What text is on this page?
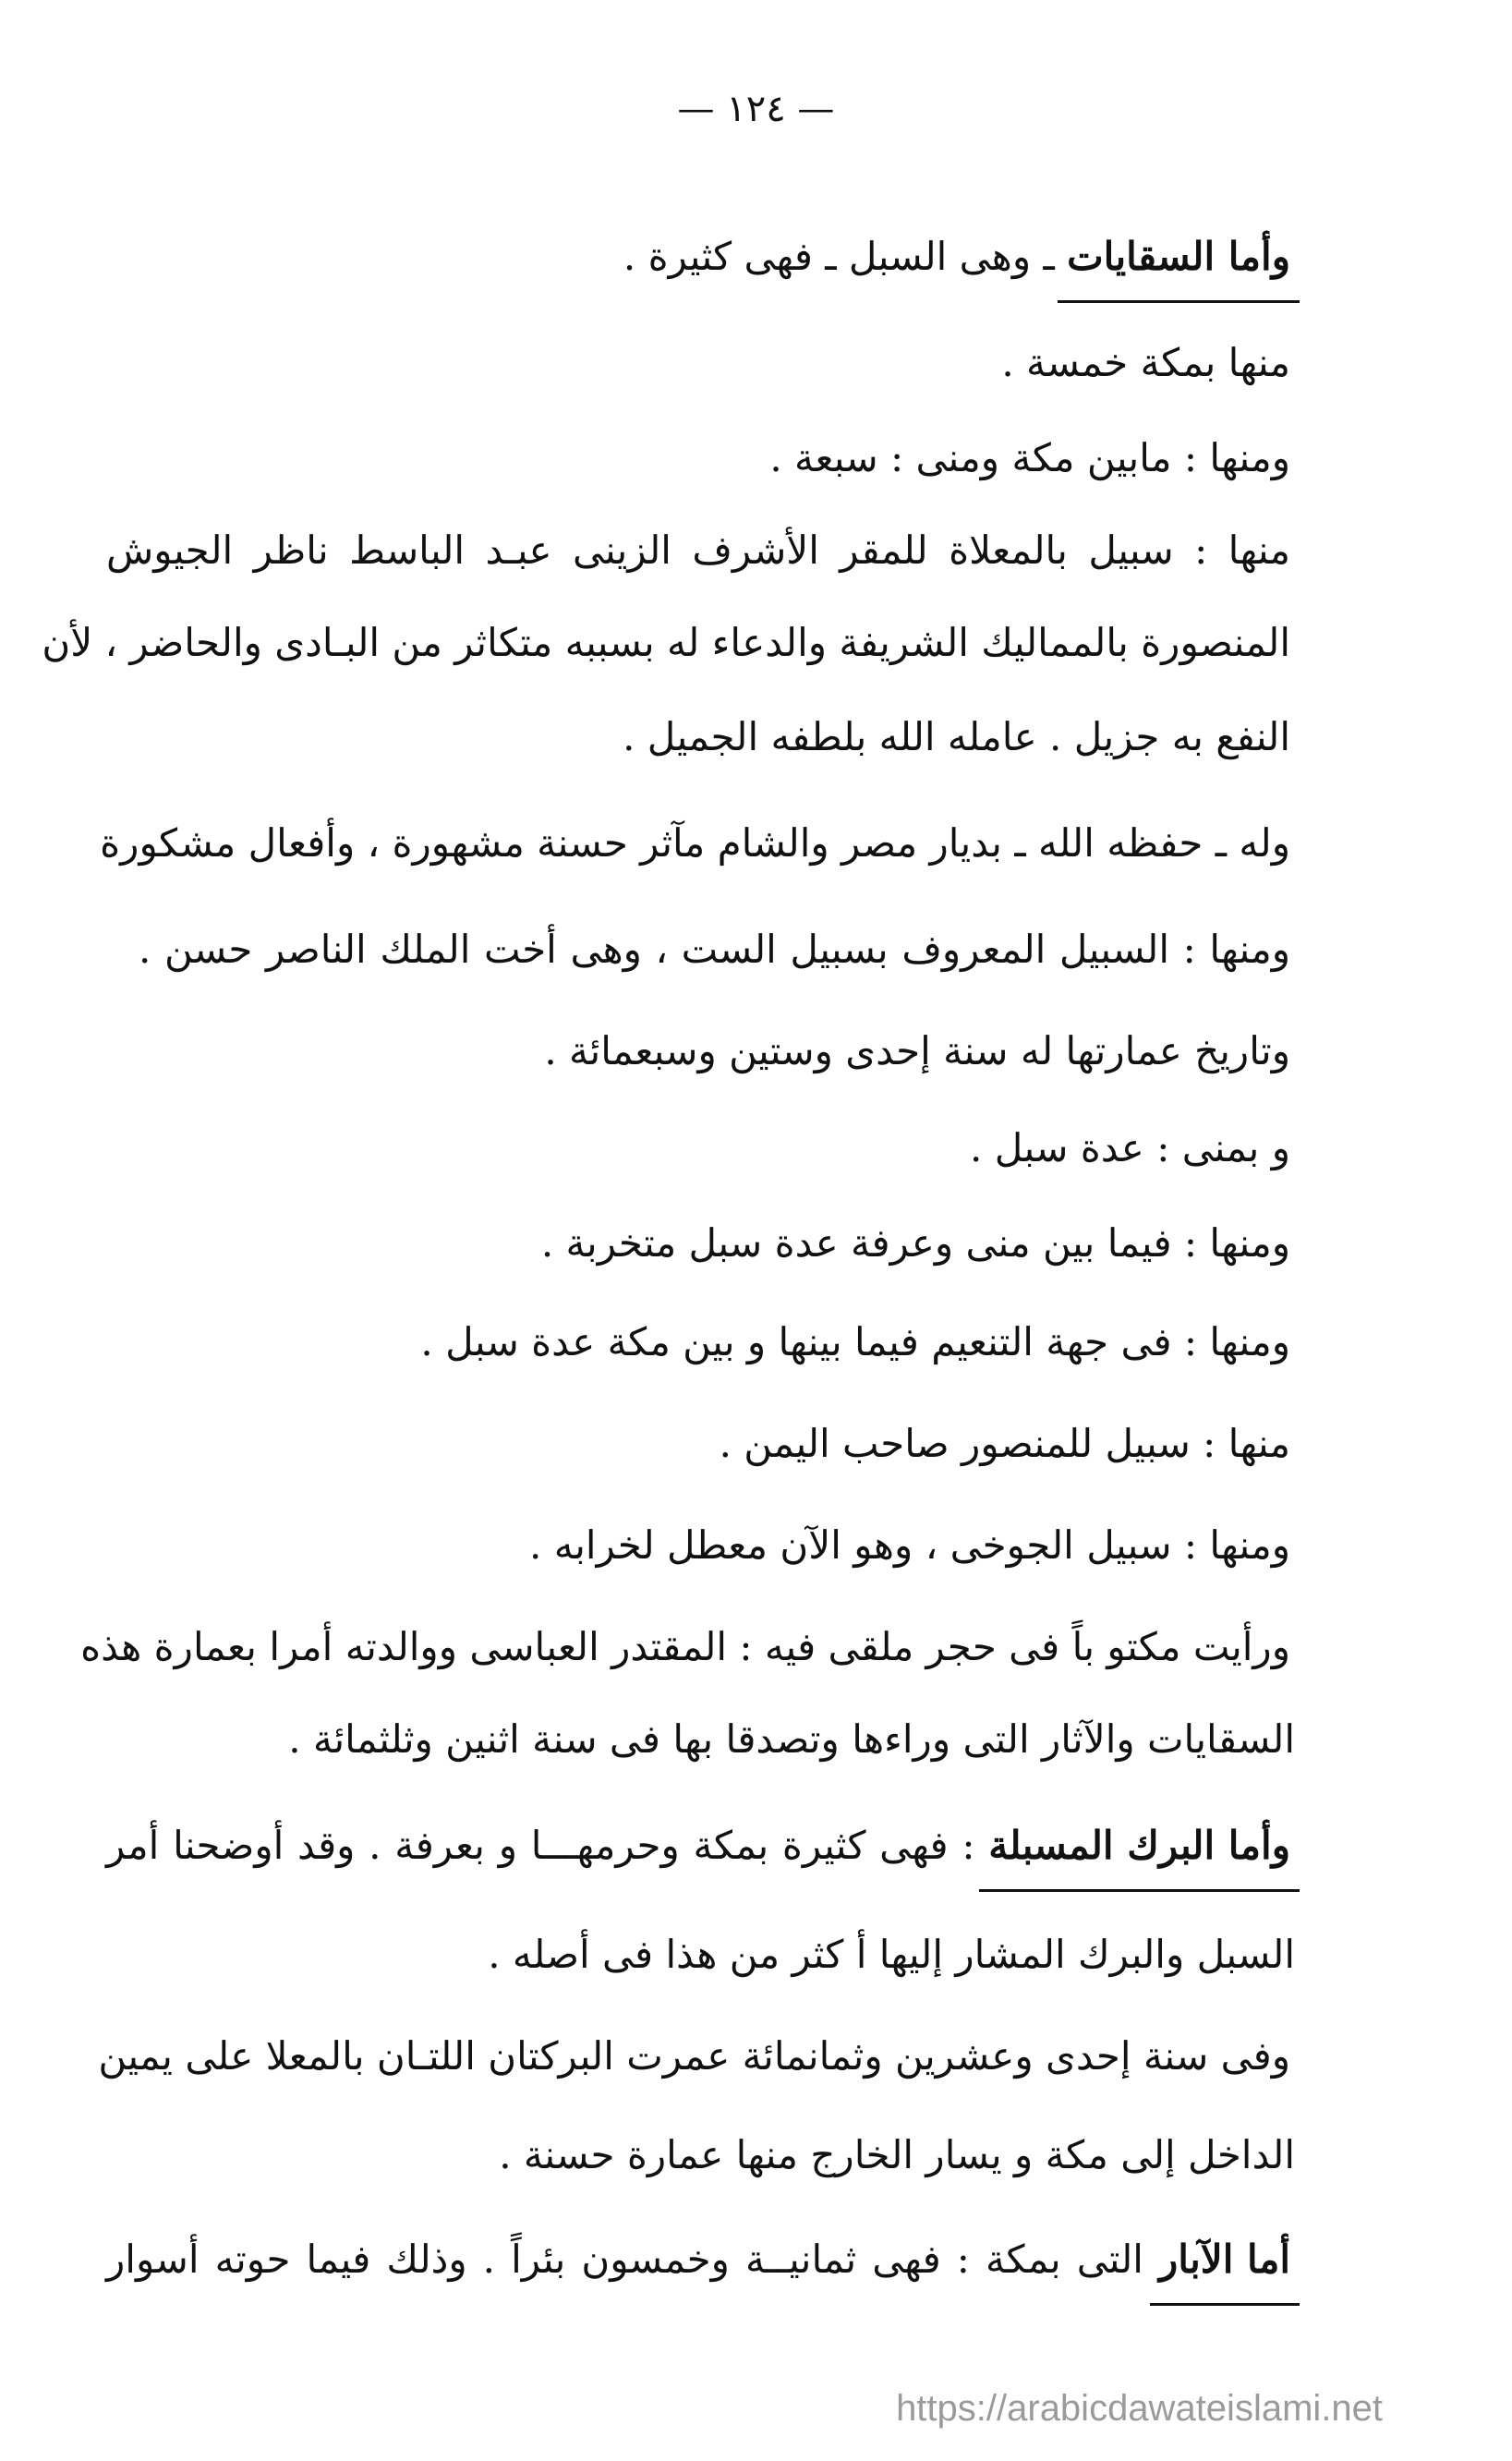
— ١٢٤ —
وأما السقايات ـ وهى السبل ـ فهى كثيرة .
منها بمكة خمسة .
ومنها : مابين مكة ومنى : سبعة .
منها : سبيل بالمعلاة للمقر الأشرف الزينى عبـد الباسط ناظر الجيوش
المنصورة بالمماليك الشريفة والدعاء له بسببه متكاثر من البـادى والحاضر ، لأن
النفع به جزيل . عامله الله بلطفه الجميل .
وله ـ حفظه الله ـ بديار مصر والشام مآثر حسنة مشهورة ، وأفعال مشكورة
ومنها : السبيل المعروف بسبيل الست ، وهى أخت الملك الناصر حسن .
وتاريخ عمارتها له سنة إحدى وستين وسبعمائة .
و بمنى : عدة سبل .
ومنها : فيما بين منى وعرفة عدة سبل متخربة .
ومنها : فى جهة التنعيم فيما بينها و بين مكة عدة سبل .
منها : سبيل للمنصور صاحب اليمن .
ومنها : سبيل الجوخى ، وهو الآن معطل لخرابه .
ورأيت مكتو باً فى حجر ملقى فيه : المقتدر العباسى ووالدته أمرا بعمارة هذه
السقايات والآثار التى وراءها وتصدقا بها فى سنة اثنين وثلثمائة .
وأما البرك المسبلة : فهى كثيرة بمكة وحرمهـــا و بعرفة . وقد أوضحنا أمر
السبل والبرك المشار إليها أ كثر من هذا فى أصله .
وفى سنة إحدى وعشرين وثمانمائة عمرت البركتان اللتـان بالمعلا على يمين
الداخل إلى مكة و يسار الخارج منها عمارة حسنة .
أما الآبار التى بمكة : فهى ثمانيــة وخمسون بئراً . وذلك فيما حوته أسوار
https://arabicdawateislami.net
